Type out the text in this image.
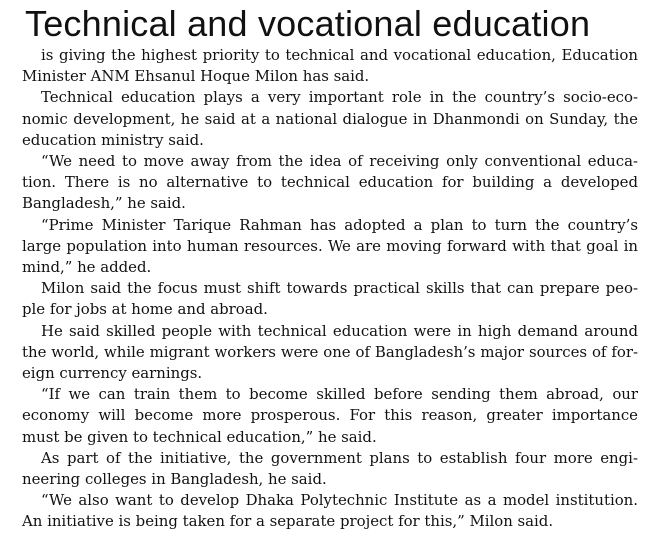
Technical and vocational education

is giving the highest priority to technical and vocational education, Education Minister ANM Ehsanul Hoque Milon has said.

Technical education plays a very important role in the country’s socio-economic development, he said at a national dialogue in Dhanmondi on Sunday, the education ministry said.

“We need to move away from the idea of receiving only conventional education. There is no alternative to technical education for building a developed Bangladesh,” he said.

“Prime Minister Tarique Rahman has adopted a plan to turn the country’s large population into human resources. We are moving forward with that goal in mind,” he added.

Milon said the focus must shift towards practical skills that can prepare people for jobs at home and abroad.

He said skilled people with technical education were in high demand around the world, while migrant workers were one of Bangladesh’s major sources of foreign currency earnings.

“If we can train them to become skilled before sending them abroad, our economy will become more prosperous. For this reason, greater importance must be given to technical education,” he said.

As part of the initiative, the government plans to establish four more engineering colleges in Bangladesh, he said.

“We also want to develop Dhaka Polytechnic Institute as a model institution. An initiative is being taken for a separate project for this,” Milon said.
